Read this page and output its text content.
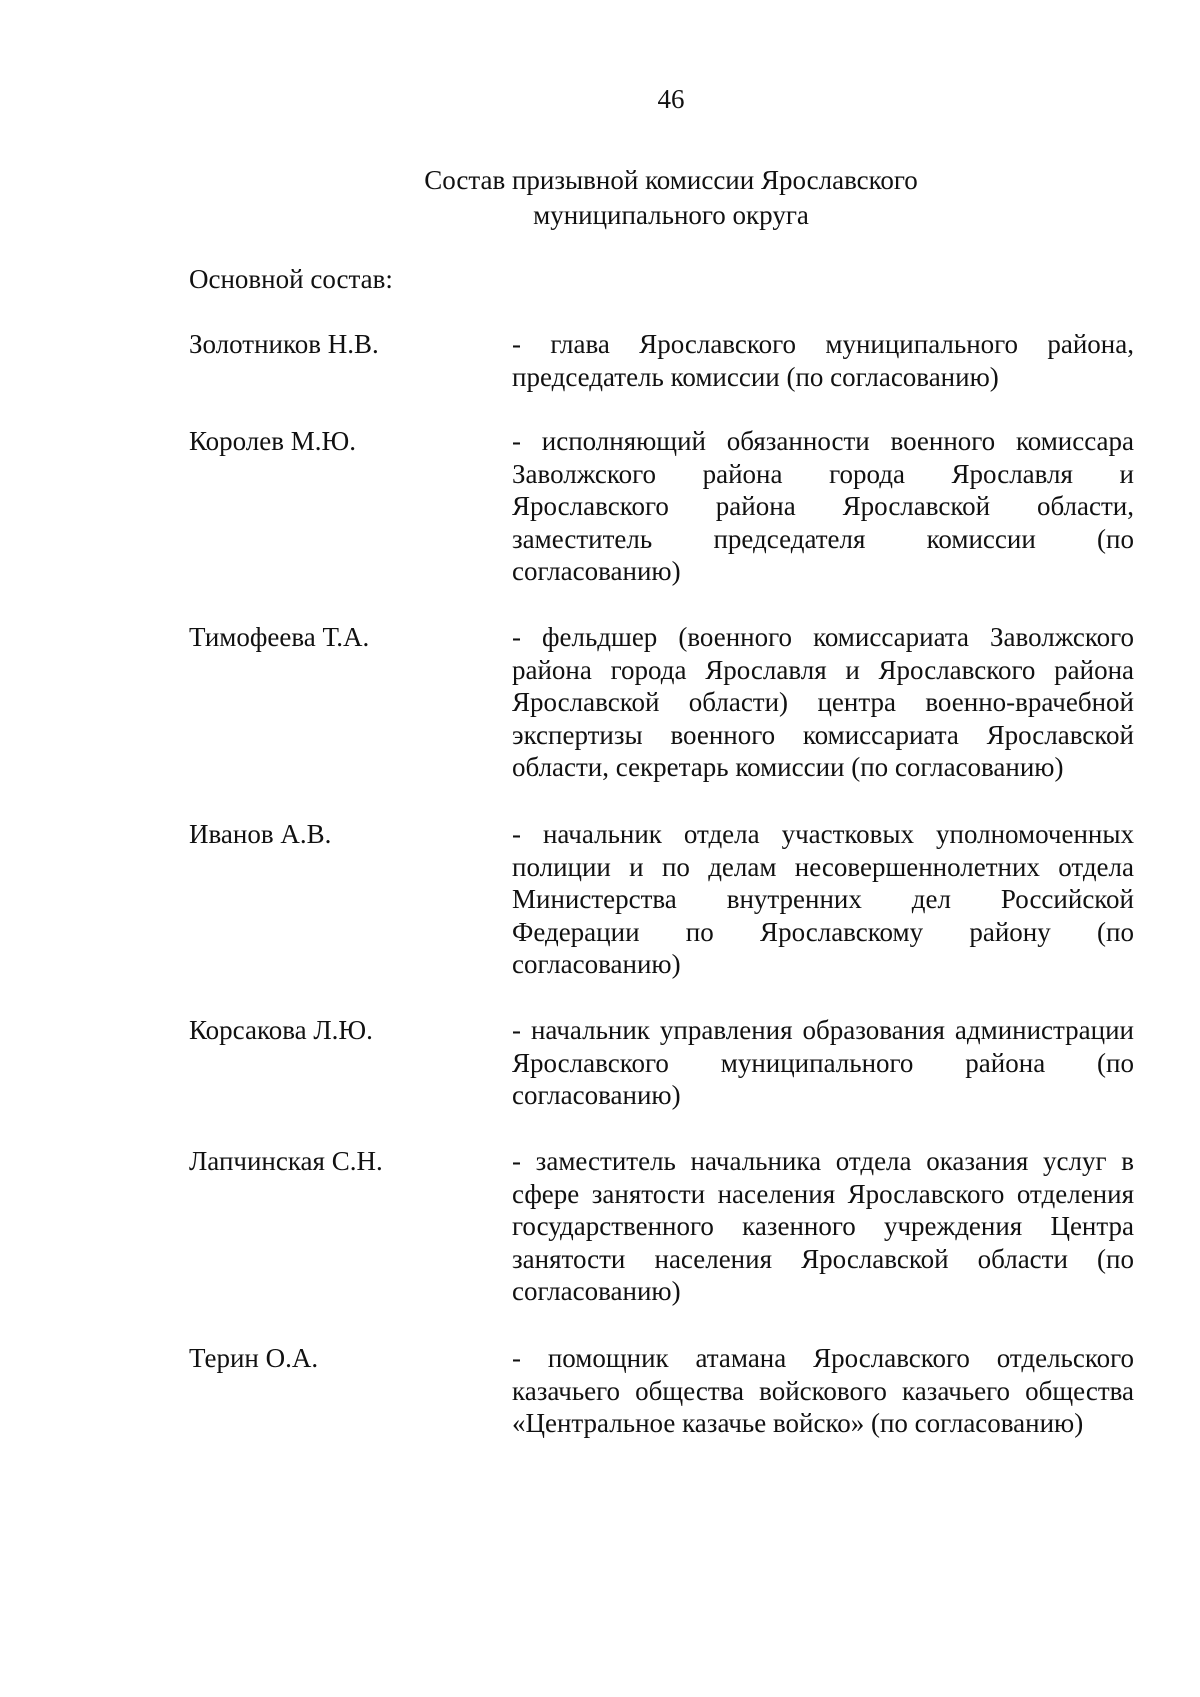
46
Состав призывной комиссии Ярославского
муниципального округа
Основной состав:
Золотников Н.В.	- глава Ярославского муниципального района, председатель комиссии (по согласованию)
Королев М.Ю.	- исполняющий обязанности военного комиссара Заволжского района города Ярославля и Ярославского района Ярославской области, заместитель председателя комиссии (по согласованию)
Тимофеева Т.А.	- фельдшер (военного комиссариата Заволжского района города Ярославля и Ярославского района Ярославской области) центра военно-врачебной экспертизы военного комиссариата Ярославской области, секретарь комиссии (по согласованию)
Иванов А.В.	- начальник отдела участковых уполномоченных полиции и по делам несовершеннолетних отдела Министерства внутренних дел Российской Федерации по Ярославскому району (по согласованию)
Корсакова Л.Ю.	- начальник управления образования администрации Ярославского муниципального района (по согласованию)
Лапчинская С.Н.	- заместитель начальника отдела оказания услуг в сфере занятости населения Ярославского отделения государственного казенного учреждения Центра занятости населения Ярославской области (по согласованию)
Терин О.А.	- помощник атамана Ярославского отдельского казачьего общества войскового казачьего общества «Центральное казачье войско» (по согласованию)
